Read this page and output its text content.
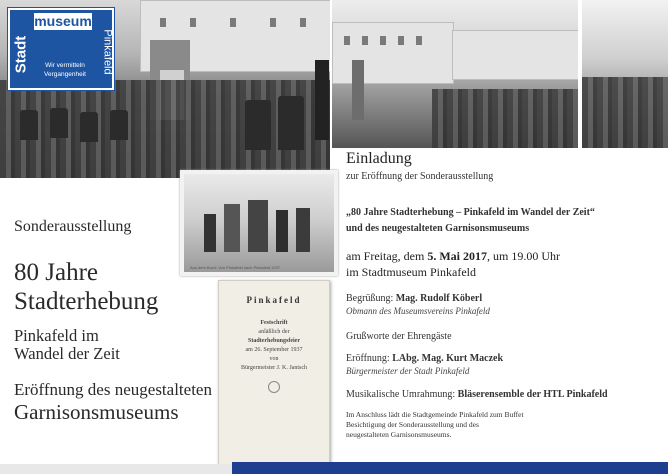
museum
Stadt	Pinkafeld
Wir vermitteln
Vergangenheit
Sonderausstellung
80 Jahre
Stadterhebung
Pinkafeld im
Wandel der Zeit
Eröffnung des neugestalteten
Garnisonsmuseums
Aus dem Buch: Von Pinkafeld nach Pinkafeld 1937
Pinkafeld
Festschrift
anläßlich der
Stadterhebungsfeier
am 26. September 1937
von
Bürgermeister J. K. Jantsch
Einladung
zur Eröffnung der Sonderausstellung
„80 Jahre Stadterhebung – Pinkafeld im Wandel der Zeit“
und des neugestalteten Garnisonsmuseums
am Freitag, dem 5. Mai 2017, um 19.00 Uhr
im Stadtmuseum Pinkafeld
Begrüßung: Mag. Rudolf Köberl
Obmann des Museumsvereins Pinkafeld
Grußworte der Ehrengäste
Eröffnung: LAbg. Mag. Kurt Maczek
Bürgermeister der Stadt Pinkafeld
Musikalische Umrahmung: Bläserensemble der HTL Pinkafeld
Im Anschluss lädt die Stadtgemeinde Pinkafeld zum Buffet
Besichtigung der Sonderausstellung und des
neugestalteten Garnisonsmuseums.
